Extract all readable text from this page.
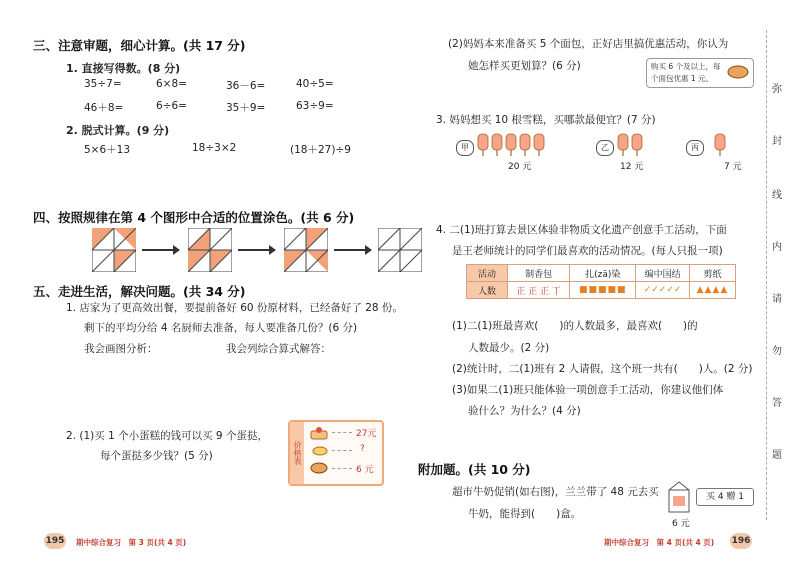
三、注意审题，细心计算。(共 17 分)
1. 直接写得数。(8 分)
35÷7=	6×8=	36－6=	40÷5=
46＋8=	6÷6=	35＋9=	63÷9=
2. 脱式计算。(9 分)
5×6＋13	18÷3×2	(18＋27)÷9
四、按照规律在第 4 个图形中合适的位置涂色。(共 6 分)
五、走进生活，解决问题。(共 34 分)
1. 店家为了更高效出餐，要提前备好 60 份原材料，已经备好了 28 份。
剩下的平均分给 4 名厨师去准备，每人要准备几份？(6 分)
我会画图分析：	我会列综合算式解答：
2. (1)买 1 个小蛋糕的钱可以买 9 个蛋挞，
每个蛋挞多少钱？(5 分)	价格表
27元
?
6 元
195 期中综合复习　第 3 页(共 4 页)
(2)妈妈本来准备买 5 个面包，正好店里搞优惠活动，你认为
她怎样买更划算？(6 分)	购买 6 个及以上，每个面包优惠 1 元。
3. 妈妈想买 10 根雪糕，买哪款最便宜？(7 分)
甲
20 元
乙
12 元
丙
7 元
4. 二(1)班打算去景区体验非物质文化遗产创意手工活动，下面
是王老师统计的同学们最喜欢的活动情况。(每人只报一项)
活动	制香包	扎(zā)染	编中国结	剪纸
人数	正 正 正 丅	■■■■■	✓✓✓✓✓	▲▲▲▲
(1)二(1)班最喜欢(　　)的人数最多，最喜欢(　　)的
人数最少。(2 分)
(2)统计时，二(1)班有 2 人请假，这个班一共有(　　)人。(2 分)
(3)如果二(1)班只能体验一项创意手工活动，你建议他们体
验什么？为什么？(4 分)
附加题。(共 10 分)
超市牛奶促销(如右图)，兰兰带了 48 元去买
牛奶，能得到(　　)盒。
买 4 赠 1
6 元
期中综合复习　第 4 页(共 4 页) 196
弥
封
线
内
请
勿
答
题
